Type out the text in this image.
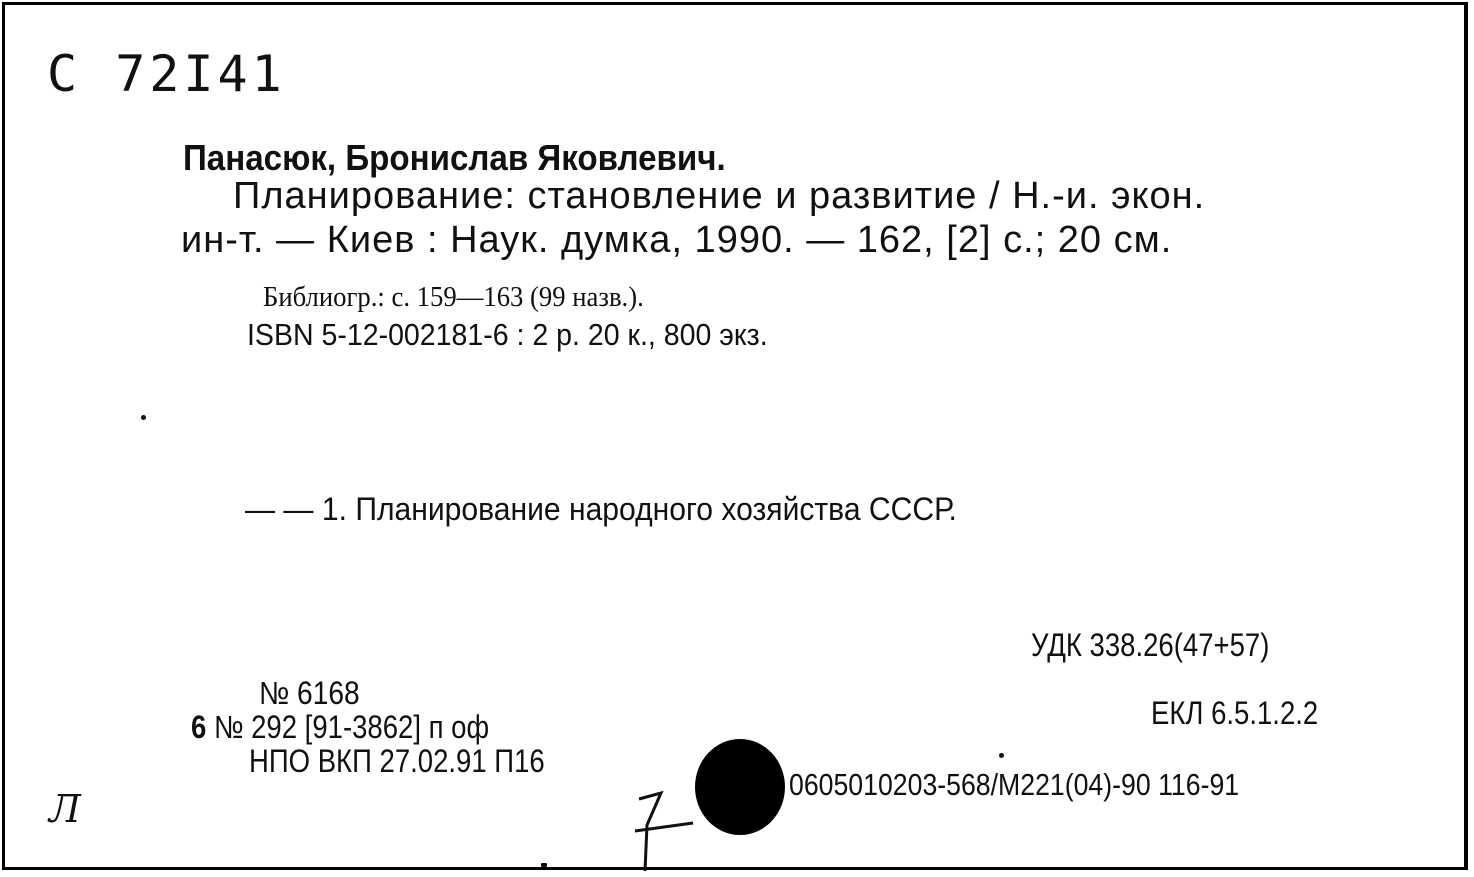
C 72I41
Панасюк, Бронислав Яковлевич.
Планирование: становление и развитие / Н.-и. экон.
ин-т. — Киев : Наук. думка, 1990. — 162, [2] с.; 20 см.
Библиогр.: с. 159—163 (99 назв.).
ISBN 5-12-002181-6 : 2 р. 20 к., 800 экз.
— — 1. Планирование народного хозяйства СССР.
УДК 338.26(47+57)
ЕКЛ 6.5.1.2.2
№ 6168
6 № 292 [91-3862] п оф
НПО ВКП 27.02.91 П16
0605010203-568/М221(04)-90 116-91
Л
